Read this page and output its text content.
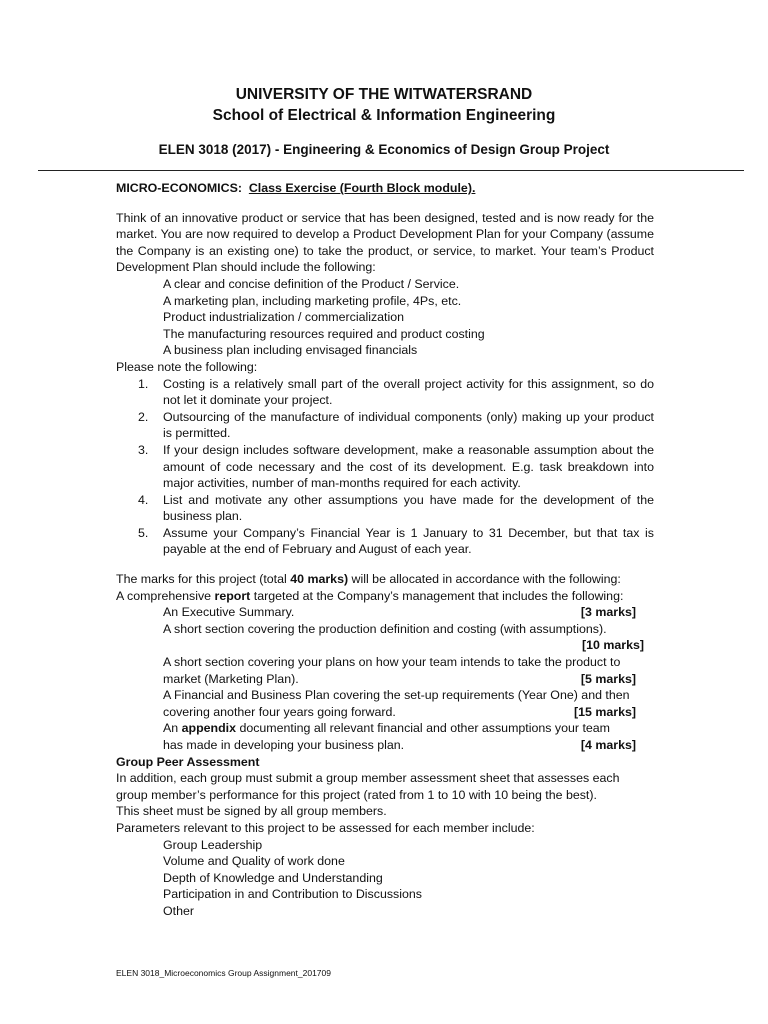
UNIVERSITY OF THE WITWATERSRAND
School of Electrical & Information Engineering
ELEN 3018 (2017) - Engineering & Economics of Design Group Project

MICRO-ECONOMICS: Class Exercise (Fourth Block module).

Think of an innovative product or service that has been designed, tested and is now ready for the market. You are now required to develop a Product Development Plan for your Company (assume the Company is an existing one) to take the product, or service, to market. Your team’s Product Development Plan should include the following:

A clear and concise definition of the Product / Service.

A marketing plan, including marketing profile, 4Ps, etc.

Product industrialization / commercialization

The manufacturing resources required and product costing

A business plan including envisaged financials

Please note the following:

1. Costing is a relatively small part of the overall project activity for this assignment, so do not let it dominate your project.

2. Outsourcing of the manufacture of individual components (only) making up your product is permitted.

3. If your design includes software development, make a reasonable assumption about the amount of code necessary and the cost of its development. E.g. task breakdown into major activities, number of man-months required for each activity.

4. List and motivate any other assumptions you have made for the development of the business plan.

5. Assume your Company’s Financial Year is 1 January to 31 December, but that tax is payable at the end of February and August of each year.

The marks for this project (total 40 marks) will be allocated in accordance with the following:

A comprehensive report targeted at the Company’s management that includes the following:

An Executive Summary.	[3 marks]

A short section covering the production definition and costing (with assumptions).

[10 marks]

A short section covering your plans on how your team intends to take the product to

market (Marketing Plan).	[5 marks]

A Financial and Business Plan covering the set-up requirements (Year One) and then

covering another four years going forward.	[15 marks]

An appendix documenting all relevant financial and other assumptions your team

has made in developing your business plan.	[4 marks]

Group Peer Assessment

In addition, each group must submit a group member assessment sheet that assesses each

group member’s performance for this project (rated from 1 to 10 with 10 being the best).

This sheet must be signed by all group members.

Parameters relevant to this project to be assessed for each member include:

Group Leadership

Volume and Quality of work done

Depth of Knowledge and Understanding

Participation in and Contribution to Discussions

Other

ELEN 3018_Microeconomics Group Assignment_201709
